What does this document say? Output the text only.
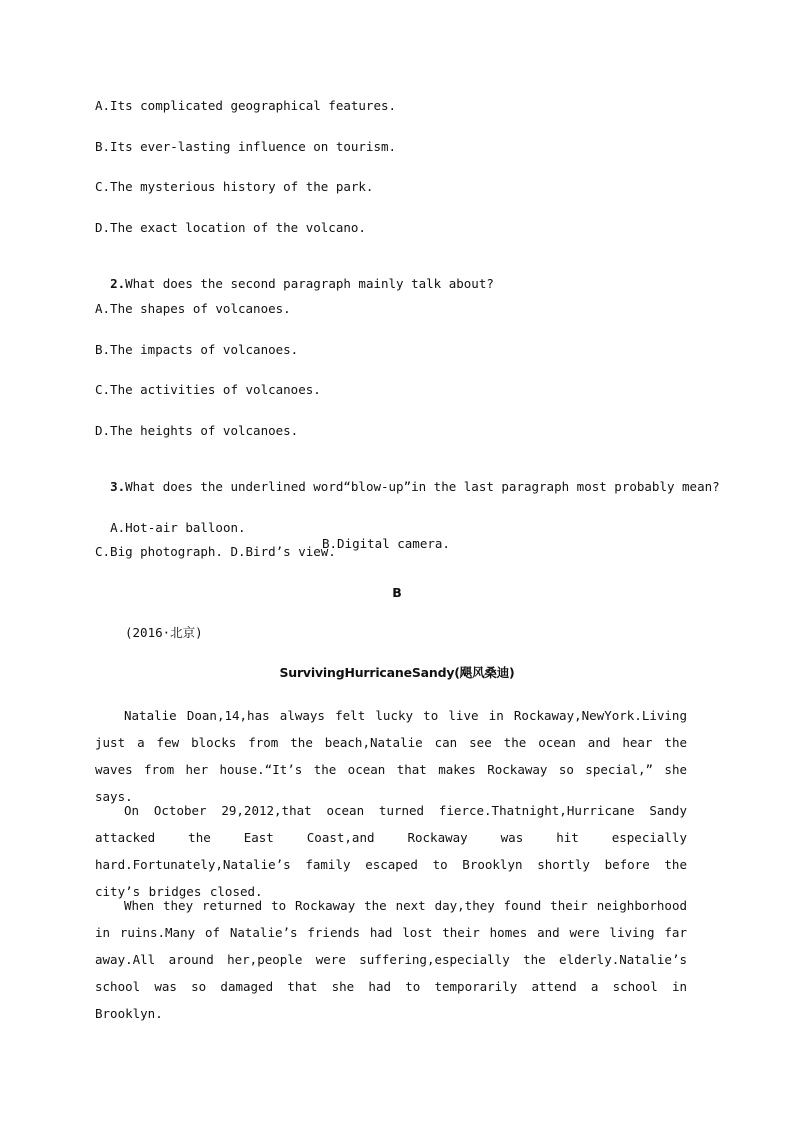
A.Its complicated geographical features.
B.Its ever-lasting influence on tourism.
C.The mysterious history of the park.
D.The exact location of the volcano.

2.What does the second paragraph mainly talk about?

A.The shapes of volcanoes.
B.The impacts of volcanoes.
C.The activities of volcanoes.
D.The heights of volcanoes.

3.What does the underlined word“blow-up”in the last paragraph most probably mean?

A.Hot-air balloon.

B.Digital camera.

C.Big photograph. D.Bird’s view.
B
(2016·北京)
SurvivingHurricaneSandy(飓风桑迪)
Natalie Doan,14,has always felt lucky to live in Rockaway,NewYork.Living just a few blocks from the beach,Natalie can see the ocean and hear the waves from her house.“It’s the ocean that makes Rockaway so special,” she says.
On October 29,2012,that ocean turned fierce.Thatnight,Hurricane Sandy attacked the East Coast,and Rockaway was hit especially hard.Fortunately,Natalie’s family escaped to Brooklyn shortly before the city’s bridges closed.
When they returned to Rockaway the next day,they found their neighborhood in ruins.Many of Natalie’s friends had lost their homes and were living far away.All around her,people were suffering,especially the elderly.Natalie’s school was so damaged that she had to temporarily attend a school in Brooklyn.
